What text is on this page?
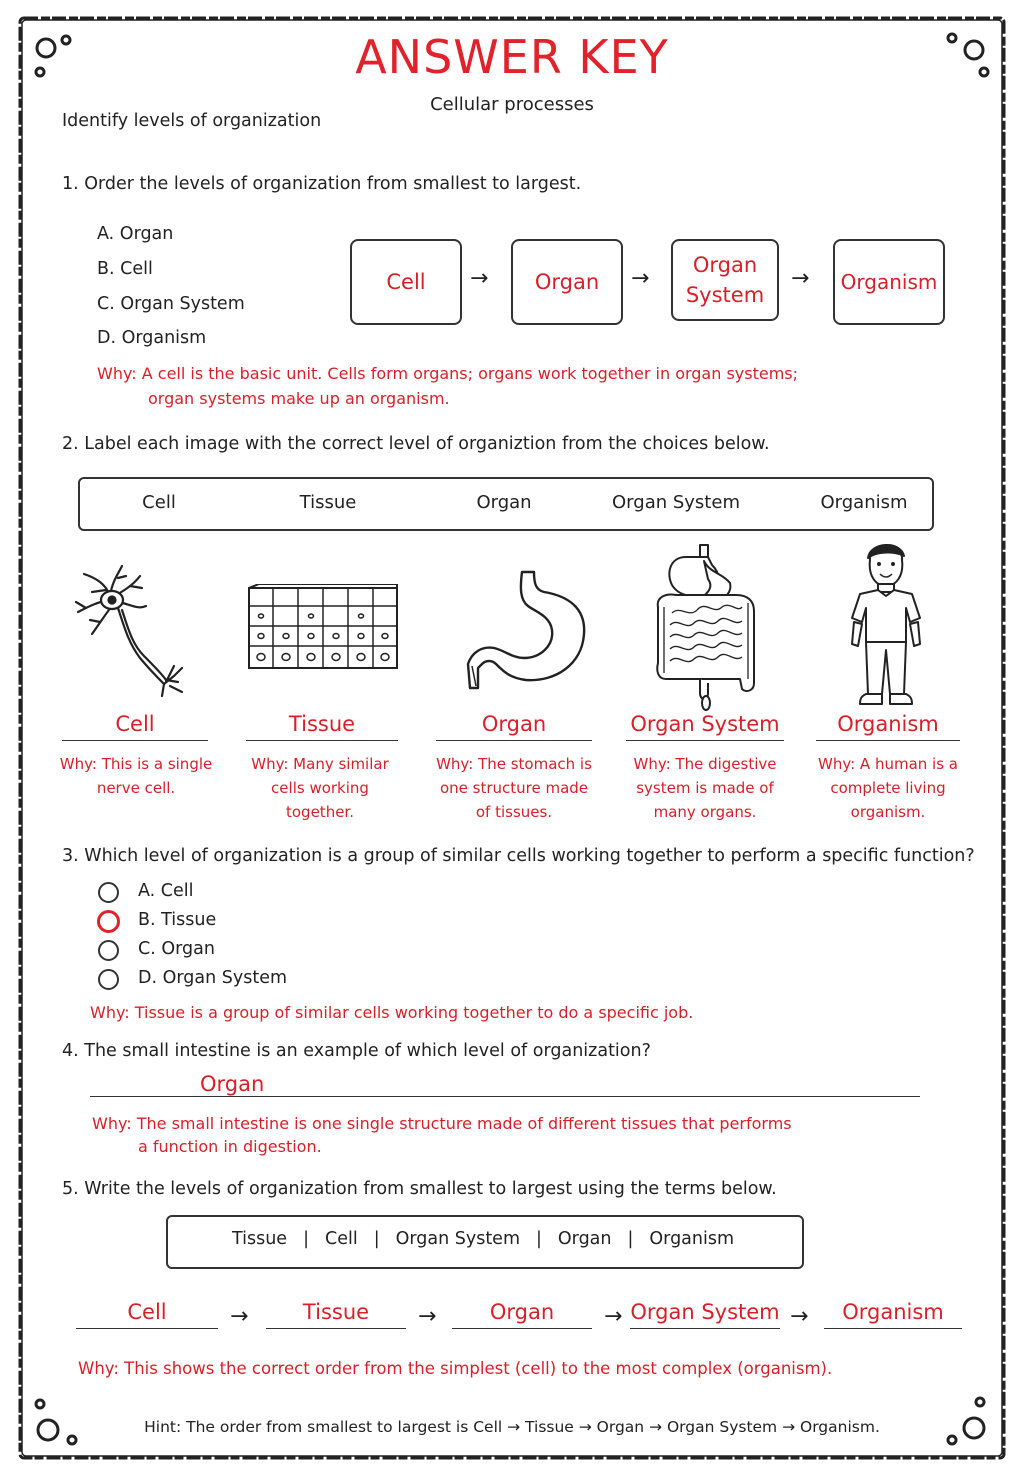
ANSWER KEY
Cellular processes
Identify levels of organization
1. Order the levels of organization from smallest to largest.
A. Organ
B. Cell
C. Organ System
D. Organism
Cell	→	Organ	→
Organ System
→	Organism
Why: A cell is the basic unit. Cells form organs; organs work together in organ systems;
organ systems make up an organism.
2. Label each image with the correct level of organiztion from the choices below.
Cell	Tissue	Organ	Organ System	Organism
Cell	Tissue	Organ	Organ System	Organism
Why: This is a single
nerve cell.
Why: Many similar
cells working
together.
Why: The stomach is
one structure made
of tissues.
Why: The digestive
system is made of
many organs.
Why: A human is a
complete living
organism.
3. Which level of organization is a group of similar cells working together to perform a specific function?
A. Cell
B. Tissue
C. Organ
D. Organ System
Why: Tissue is a group of similar cells working together to do a specific job.
4. The small intestine is an example of which level of organization?
Organ
Why: The small intestine is one single structure made of different tissues that performs
a function in digestion.
5. Write the levels of organization from smallest to largest using the terms below.
Tissue | Cell | Organ System | Organ | Organism
Cell	→	Tissue	→	Organ	→ Organ System →	Organism
Why: This shows the correct order from the simplest (cell) to the most complex (organism).
Hint: The order from smallest to largest is Cell → Tissue → Organ → Organ System → Organism.
